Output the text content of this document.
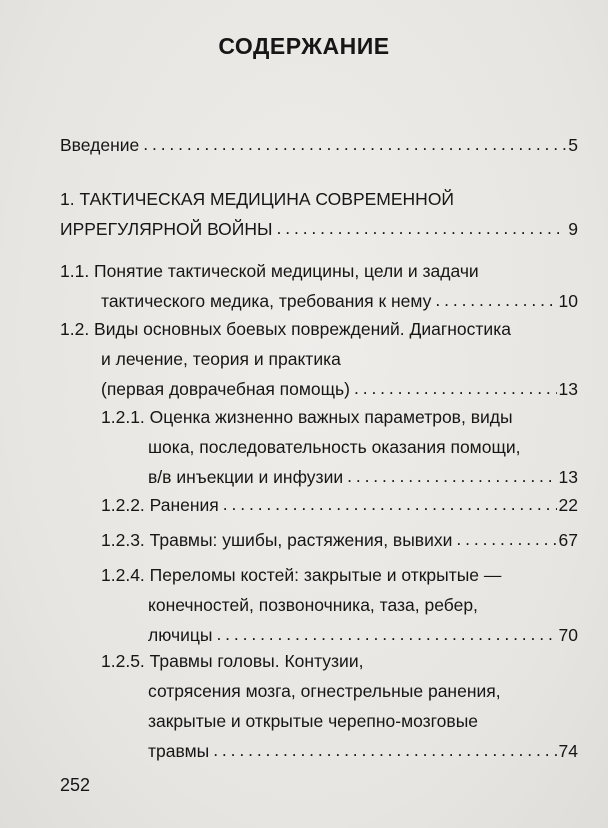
СОДЕРЖАНИЕ
Введение . . .	5
1. ТАКТИЧЕСКАЯ МЕДИЦИНА СОВРЕМЕННОЙ
ИРРЕГУЛЯРНОЙ ВОЙНЫ . . .	9
1.1. Понятие тактической медицины, цели и задачи
тактического медика, требования к нему . . .	10
1.2. Виды основных боевых повреждений. Диагностика
и лечение, теория и практика
(первая доврачебная помощь) . . .	13
1.2.1. Оценка жизненно важных параметров, виды
шока, последовательность оказания помощи,
в/в инъекции и инфузии . . .	13
1.2.2. Ранения . . .	22
1.2.3. Травмы: ушибы, растяжения, вывихи . . .	67
1.2.4. Переломы костей: закрытые и открытые —
конечностей, позвоночника, таза, ребер,
лючицы . . .	70
1.2.5. Травмы головы. Контузии,
сотрясения мозга, огнестрельные ранения,
закрытые и открытые черепно-мозговые
травмы . . .	74
252
